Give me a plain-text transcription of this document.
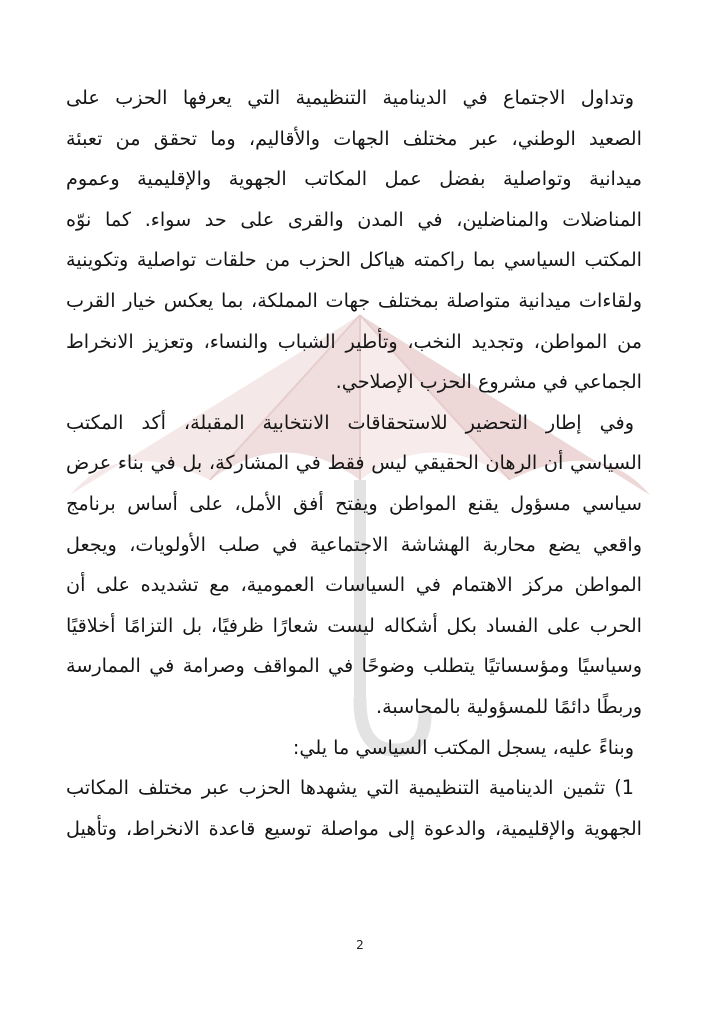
وتداول الاجتماع في الدينامية التنظيمية التي يعرفها الحزب على
الصعيد الوطني، عبر مختلف الجهات والأقاليم، وما تحقق من تعبئة
ميدانية وتواصلية بفضل عمل المكاتب الجهوية والإقليمية وعموم
المناضلات والمناضلين، في المدن والقرى على حد سواء. كما نوّه
المكتب السياسي بما راكمته هياكل الحزب من حلقات تواصلية وتكوينية
ولقاءات ميدانية متواصلة بمختلف جهات المملكة، بما يعكس خيار القرب
من المواطن، وتجديد النخب، وتأطير الشباب والنساء، وتعزيز الانخراط
الجماعي في مشروع الحزب الإصلاحي.
وفي إطار التحضير للاستحقاقات الانتخابية المقبلة، أكد المكتب
السياسي أن الرهان الحقيقي ليس فقط في المشاركة، بل في بناء عرض
سياسي مسؤول يقنع المواطن ويفتح أفق الأمل، على أساس برنامج
واقعي يضع محاربة الهشاشة الاجتماعية في صلب الأولويات، ويجعل
المواطن مركز الاهتمام في السياسات العمومية، مع تشديده على أن
الحرب على الفساد بكل أشكاله ليست شعارًا ظرفيًا، بل التزامًا أخلاقيًا
وسياسيًا ومؤسساتيًا يتطلب وضوحًا في المواقف وصرامة في الممارسة
وربطًا دائمًا للمسؤولية بالمحاسبة.
وبناءً عليه، يسجل المكتب السياسي ما يلي:
1) تثمين الدينامية التنظيمية التي يشهدها الحزب عبر مختلف المكاتب
الجهوية والإقليمية، والدعوة إلى مواصلة توسيع قاعدة الانخراط، وتأهيل
2
